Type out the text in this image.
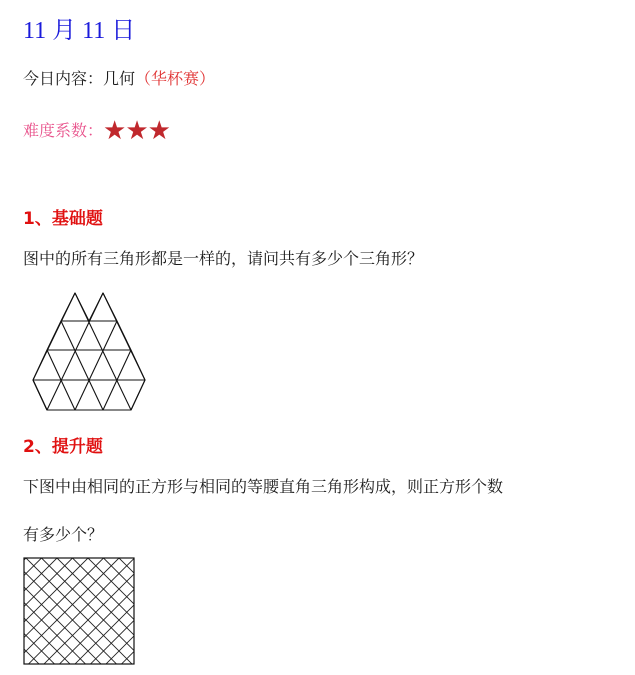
11 月 11 日
今日内容：几何（华杯赛）
难度系数：★★★
1、基础题
图中的所有三角形都是一样的，请问共有多少个三角形？
2、提升题
下图中由相同的正方形与相同的等腰直角三角形构成，则正方形个数
有多少个？
